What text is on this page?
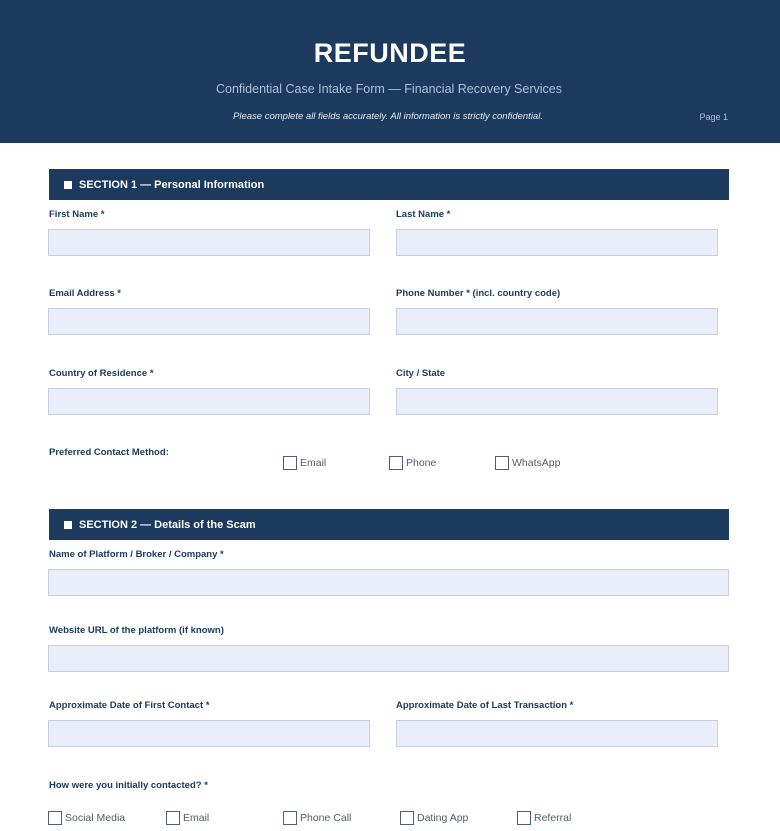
REFUNDEE
Confidential Case Intake Form — Financial Recovery Services
Please complete all fields accurately. All information is strictly confidential.	Page 1
SECTION 1 — Personal Information
First Name *	Last Name *
Email Address *	Phone Number * (incl. country code)
Country of Residence *	City / State
Preferred Contact Method:
Email	Phone	WhatsApp
SECTION 2 — Details of the Scam
Name of Platform / Broker / Company *
Website URL of the platform (if known)
Approximate Date of First Contact *	Approximate Date of Last Transaction *
How were you initially contacted? *
Social Media	Email	Phone Call	Dating App	Referral
